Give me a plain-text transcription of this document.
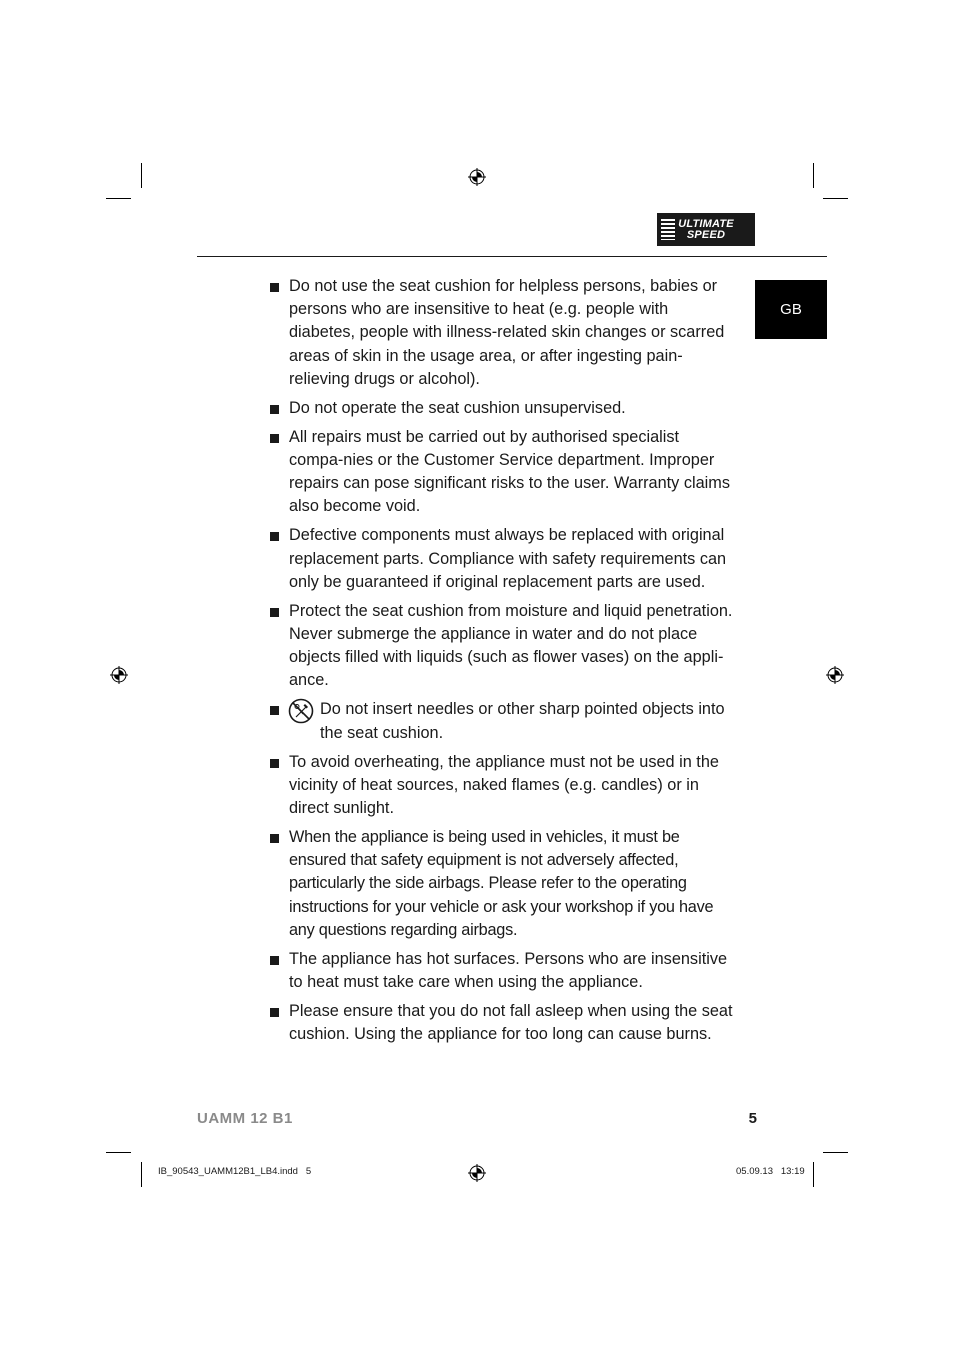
ULTIMATE
SPEED
GB
Do not use the seat cushion for helpless persons, babies or persons who are insensitive to heat (e.g. people with diabetes, people with illness-related skin changes or scarred areas of skin in the usage area, or after ingesting pain-relieving drugs or alcohol).
Do not operate the seat cushion unsupervised.
All repairs must be carried out by authorised specialist compa-nies or the Customer Service department. Improper repairs can pose significant risks to the user. Warranty claims also become void.
Defective components must always be replaced with original replacement parts. Compliance with safety requirements can only be guaranteed if original replacement parts are used.
Protect the seat cushion from moisture and liquid penetration. Never submerge the appliance in water and do not place objects filled with liquids (such as flower vases) on the appli-ance.
Do not insert needles or other sharp pointed objects into the seat cushion.
To avoid overheating, the appliance must not be used in the vicinity of heat sources, naked flames (e.g. candles) or in direct sunlight.
When the appliance is being used in vehicles, it must be ensured that safety equipment is not adversely affected, particularly the side airbags. Please refer to the operating instructions for your vehicle or ask your workshop if you have any questions regarding airbags.
The appliance has hot surfaces. Persons who are insensitive to heat must take care when using the appliance.
Please ensure that you do not fall asleep when using the seat cushion. Using the appliance for too long can cause burns.
UAMM 12 B1	5
IB_90543_UAMM12B1_LB4.indd   5	05.09.13   13:19
